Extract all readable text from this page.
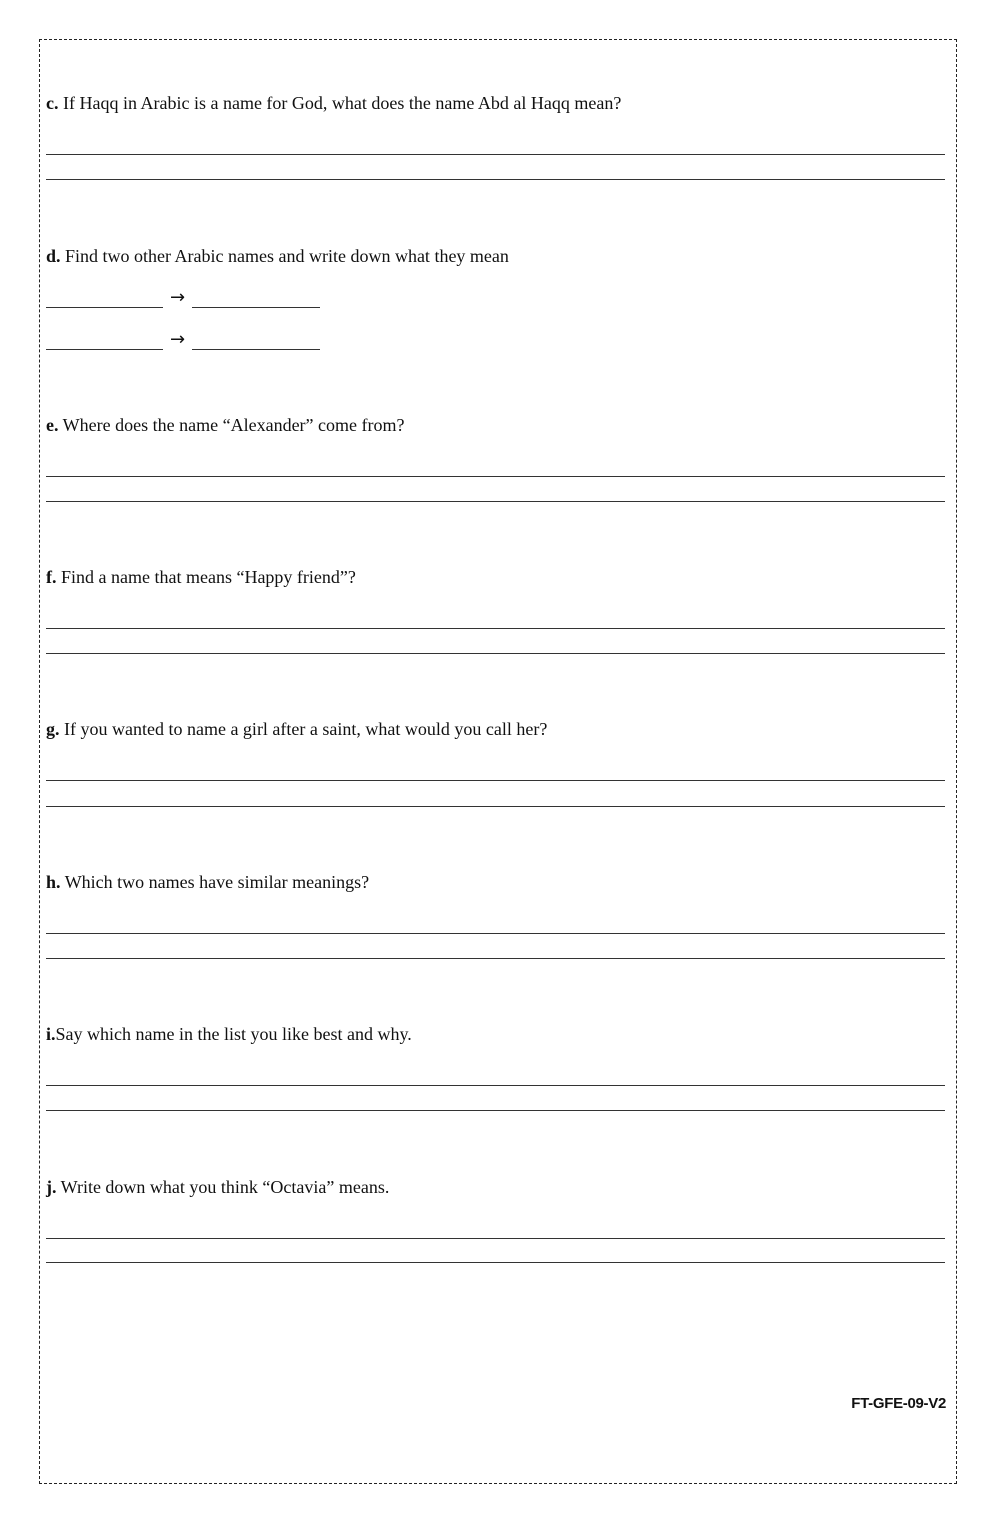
c. If Haqq in Arabic is a name for God, what does the name Abd al Haqq mean?
d. Find two other Arabic names and write down what they mean
→
→
e. Where does the name “Alexander” come from?
f. Find a name that means “Happy friend”?
g. If you wanted to name a girl after a saint, what would you call her?
h. Which two names have similar meanings?
i.Say which name in the list you like best and why.
j. Write down what you think “Octavia” means.
FT-GFE-09-V2
